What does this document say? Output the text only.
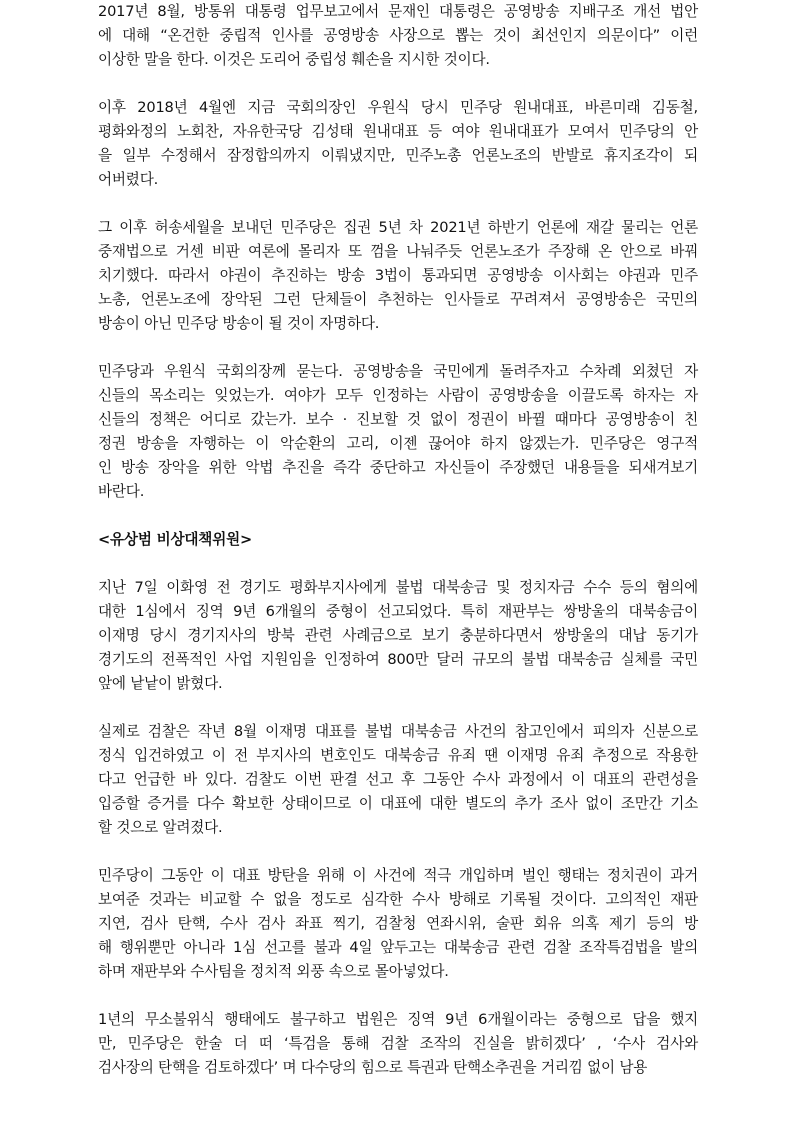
2017년 8월, 방통위 대통령 업무보고에서 문재인 대통령은 공영방송 지배구조 개선 법안
에 대해 “온건한 중립적 인사를 공영방송 사장으로 뽑는 것이 최선인지 의문이다” 이런
이상한 말을 한다. 이것은 도리어 중립성 훼손을 지시한 것이다.
이후 2018년 4월엔 지금 국회의장인 우원식 당시 민주당 원내대표, 바른미래 김동철,
평화와정의 노회찬, 자유한국당 김성태 원내대표 등 여야 원내대표가 모여서 민주당의 안
을 일부 수정해서 잠정합의까지 이뤄냈지만, 민주노총 언론노조의 반발로 휴지조각이 되
어버렸다.
그 이후 허송세월을 보내던 민주당은 집권 5년 차 2021년 하반기 언론에 재갈 물리는 언론
중재법으로 거센 비판 여론에 몰리자 또 껌을 나눠주듯 언론노조가 주장해 온 안으로 바꿔
치기했다. 따라서 야권이 추진하는 방송 3법이 통과되면 공영방송 이사회는 야권과 민주
노총, 언론노조에 장악된 그런 단체들이 추천하는 인사들로 꾸려져서 공영방송은 국민의
방송이 아닌 민주당 방송이 될 것이 자명하다.
민주당과 우원식 국회의장께 묻는다. 공영방송을 국민에게 돌려주자고 수차례 외쳤던 자
신들의 목소리는 잊었는가. 여야가 모두 인정하는 사람이 공영방송을 이끌도록 하자는 자
신들의 정책은 어디로 갔는가. 보수 · 진보할 것 없이 정권이 바뀔 때마다 공영방송이 친
정권 방송을 자행하는 이 악순환의 고리, 이젠 끊어야 하지 않겠는가. 민주당은 영구적
인 방송 장악을 위한 악법 추진을 즉각 중단하고 자신들이 주장했던 내용들을 되새겨보기
바란다.
<유상범 비상대책위원>
지난 7일 이화영 전 경기도 평화부지사에게 불법 대북송금 및 정치자금 수수 등의 혐의에
대한 1심에서 징역 9년 6개월의 중형이 선고되었다. 특히 재판부는 쌍방울의 대북송금이
이재명 당시 경기지사의 방북 관련 사례금으로 보기 충분하다면서 쌍방울의 대납 동기가
경기도의 전폭적인 사업 지원임을 인정하여 800만 달러 규모의 불법 대북송금 실체를 국민
앞에 낱낱이 밝혔다.
실제로 검찰은 작년 8월 이재명 대표를 불법 대북송금 사건의 참고인에서 피의자 신분으로
정식 입건하였고 이 전 부지사의 변호인도 대북송금 유죄 땐 이재명 유죄 추정으로 작용한
다고 언급한 바 있다. 검찰도 이번 판결 선고 후 그동안 수사 과정에서 이 대표의 관련성을
입증할 증거를 다수 확보한 상태이므로 이 대표에 대한 별도의 추가 조사 없이 조만간 기소
할 것으로 알려졌다.
민주당이 그동안 이 대표 방탄을 위해 이 사건에 적극 개입하며 벌인 행태는 정치권이 과거
보여준 것과는 비교할 수 없을 정도로 심각한 수사 방해로 기록될 것이다. 고의적인 재판
지연, 검사 탄핵, 수사 검사 좌표 찍기, 검찰청 연좌시위, 술판 회유 의혹 제기 등의 방
해 행위뿐만 아니라 1심 선고를 불과 4일 앞두고는 대북송금 관련 검찰 조작특검법을 발의
하며 재판부와 수사팀을 정치적 외풍 속으로 몰아넣었다.
1년의 무소불위식 행태에도 불구하고 법원은 징역 9년 6개월이라는 중형으로 답을 했지
만, 민주당은 한술 더 떠 ‘특검을 통해 검찰 조작의 진실을 밝히겠다’ , ‘수사 검사와
검사장의 탄핵을 검토하겠다’ 며 다수당의 힘으로 특권과 탄핵소추권을 거리낌 없이 남용
